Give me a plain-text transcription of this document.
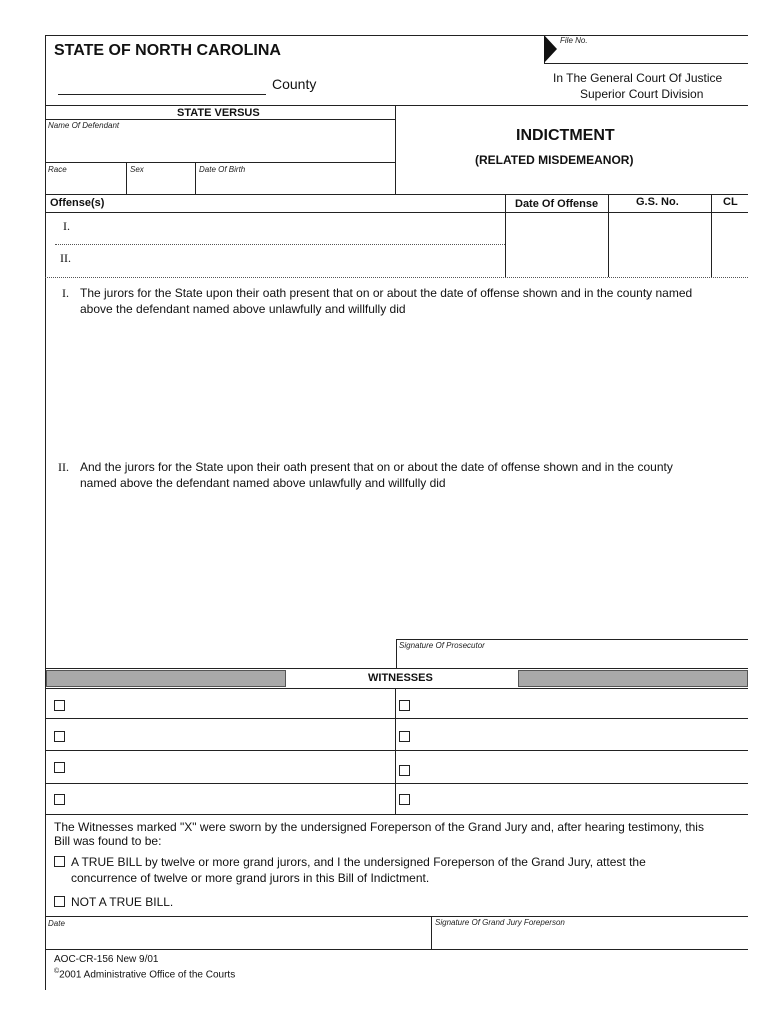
STATE OF NORTH CAROLINA
County
File No.
In The General Court Of Justice
Superior Court Division
STATE VERSUS
Name Of Defendant
Race	Sex	Date Of Birth
INDICTMENT
(RELATED MISDEMEANOR)
Offense(s)	Date Of Offense	G.S. No.	CL
I.
II.
I. The jurors for the State upon their oath present that on or about the date of offense shown and in the county named
above the defendant named above unlawfully and willfully did
II. And the jurors for the State upon their oath present that on or about the date of offense shown and in the county
named above the defendant named above unlawfully and willfully did
Signature Of Prosecutor
WITNESSES
The Witnesses marked "X" were sworn by the undersigned Foreperson of the Grand Jury and, after hearing testimony, this
Bill was found to be:
A TRUE BILL by twelve or more grand jurors, and I the undersigned Foreperson of the Grand Jury, attest the
concurrence of twelve or more grand jurors in this Bill of Indictment.
NOT A TRUE BILL.
Date	Signature Of Grand Jury Foreperson
AOC-CR-156 New 9/01
©2001 Administrative Office of the Courts
